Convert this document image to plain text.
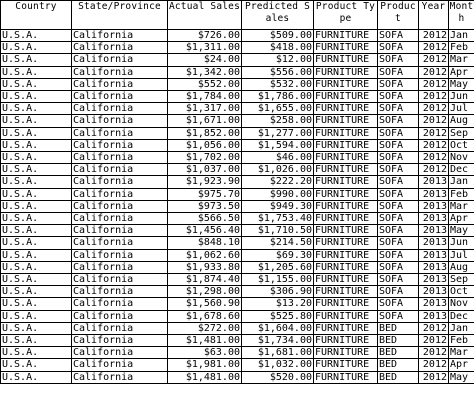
Country	State/Province	Actual Sales	Predicted Sales	Product Type	Product	Year	Month
U.S.A.	California	$726.00	$509.00	FURNITURE	SOFA	2012	Jan
U.S.A.	California	$1,311.00	$418.00	FURNITURE	SOFA	2012	Feb
U.S.A.	California	$24.00	$12.00	FURNITURE	SOFA	2012	Mar
U.S.A.	California	$1,342.00	$556.00	FURNITURE	SOFA	2012	Apr
U.S.A.	California	$552.00	$532.00	FURNITURE	SOFA	2012	May
U.S.A.	California	$1,784.00	$1,786.00	FURNITURE	SOFA	2012	Jun
U.S.A.	California	$1,317.00	$1,655.00	FURNITURE	SOFA	2012	Jul
U.S.A.	California	$1,671.00	$258.00	FURNITURE	SOFA	2012	Aug
U.S.A.	California	$1,852.00	$1,277.00	FURNITURE	SOFA	2012	Sep
U.S.A.	California	$1,056.00	$1,594.00	FURNITURE	SOFA	2012	Oct
U.S.A.	California	$1,702.00	$46.00	FURNITURE	SOFA	2012	Nov
U.S.A.	California	$1,037.00	$1,026.00	FURNITURE	SOFA	2012	Dec
U.S.A.	California	$1,923.90	$222.20	FURNITURE	SOFA	2013	Jan
U.S.A.	California	$975.70	$990.00	FURNITURE	SOFA	2013	Feb
U.S.A.	California	$973.50	$949.30	FURNITURE	SOFA	2013	Mar
U.S.A.	California	$566.50	$1,753.40	FURNITURE	SOFA	2013	Apr
U.S.A.	California	$1,456.40	$1,710.50	FURNITURE	SOFA	2013	May
U.S.A.	California	$848.10	$214.50	FURNITURE	SOFA	2013	Jun
U.S.A.	California	$1,062.60	$69.30	FURNITURE	SOFA	2013	Jul
U.S.A.	California	$1,933.80	$1,205.60	FURNITURE	SOFA	2013	Aug
U.S.A.	California	$1,874.40	$1,155.00	FURNITURE	SOFA	2013	Sep
U.S.A.	California	$1,298.00	$306.90	FURNITURE	SOFA	2013	Oct
U.S.A.	California	$1,560.90	$13.20	FURNITURE	SOFA	2013	Nov
U.S.A.	California	$1,678.60	$525.80	FURNITURE	SOFA	2013	Dec
U.S.A.	California	$272.00	$1,604.00	FURNITURE	BED	2012	Jan
U.S.A.	California	$1,481.00	$1,734.00	FURNITURE	BED	2012	Feb
U.S.A.	California	$63.00	$1,681.00	FURNITURE	BED	2012	Mar
U.S.A.	California	$1,981.00	$1,032.00	FURNITURE	BED	2012	Apr
U.S.A.	California	$1,481.00	$520.00	FURNITURE	BED	2012	May
